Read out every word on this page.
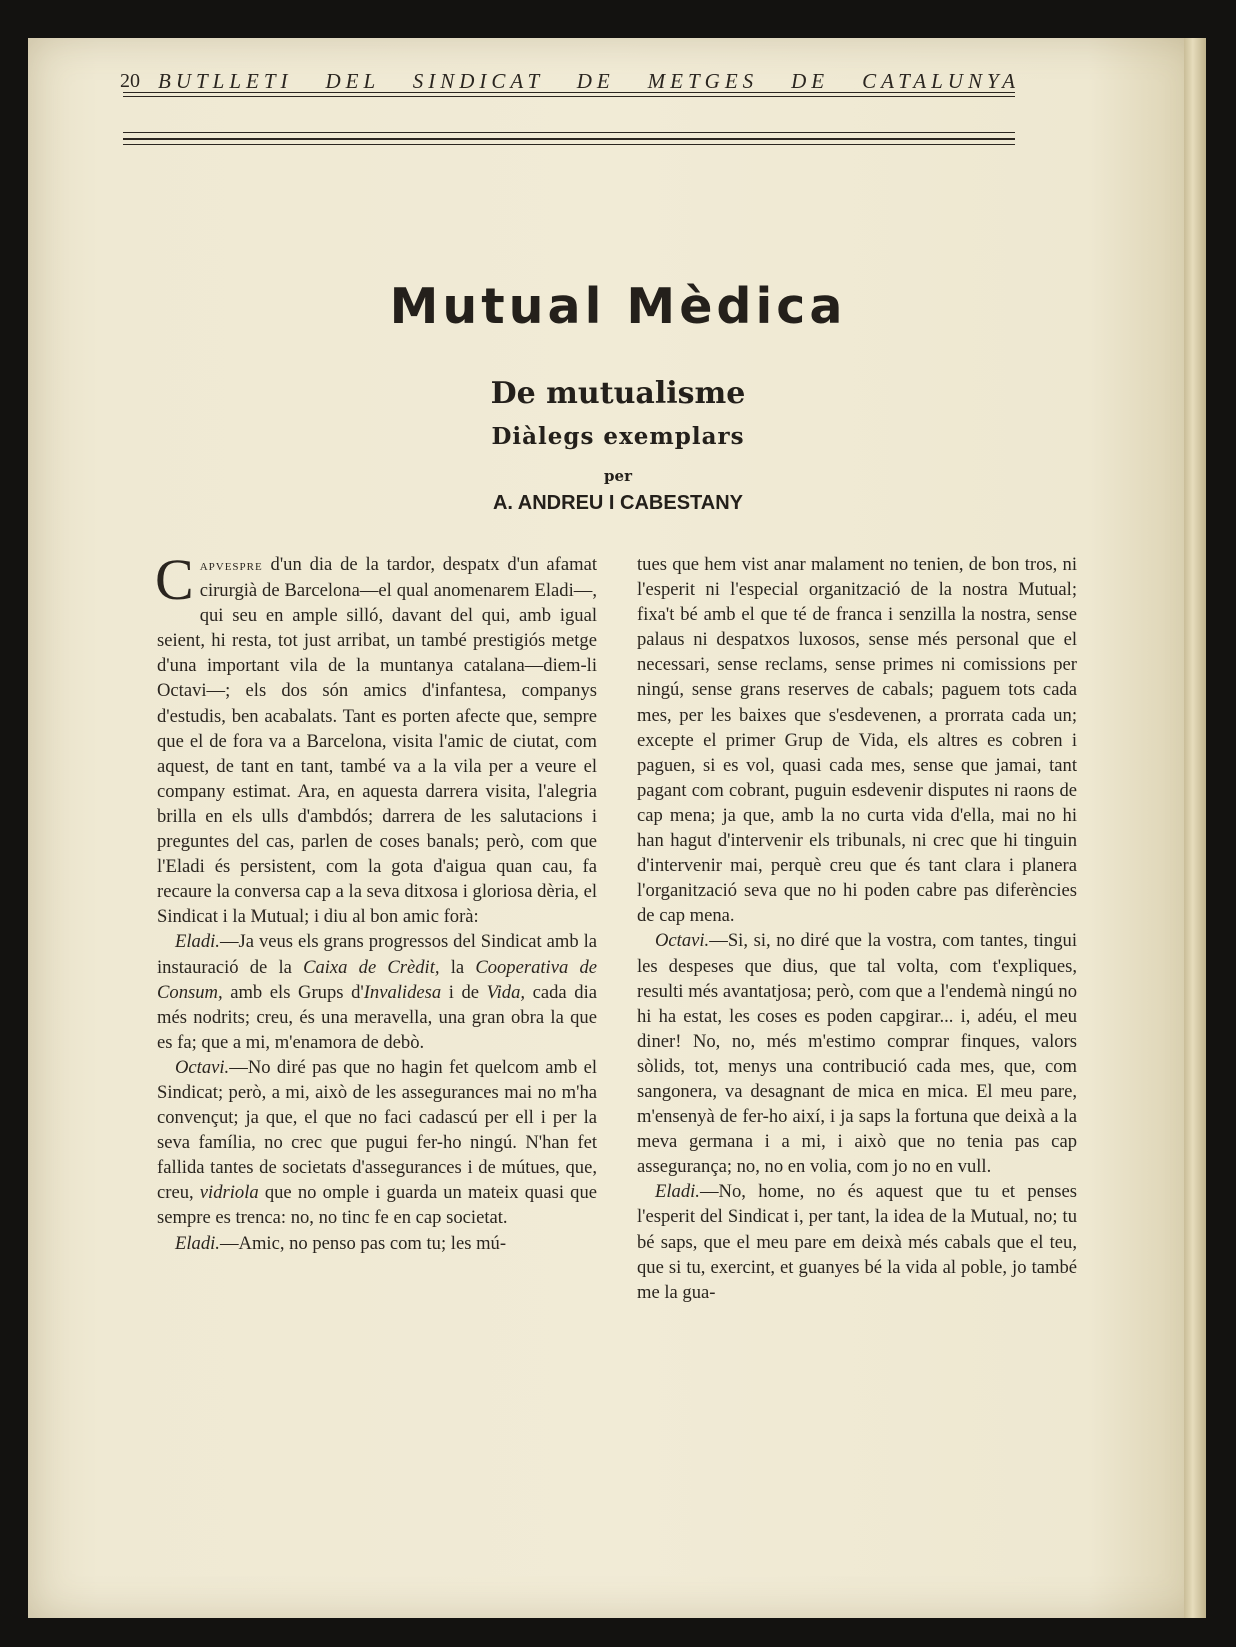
20 BUTLLETI DEL SINDICAT DE METGES DE CATALUNYA
Mutual Mèdica
De mutualisme
Diàlegs exemplars
per
A. ANDREU I CABESTANY

Capvespre d'un dia de la tardor, despatx d'un afamat cirurgià de Barcelona—el qual anomenarem Eladi—, qui seu en ample silló, davant del qui, amb igual seient, hi resta, tot just arribat, un també prestigiós metge d'una important vila de la muntanya catalana—diem-li Octavi—; els dos són amics d'infantesa, companys d'estudis, ben acabalats. Tant es porten afecte que, sempre que el de fora va a Barcelona, visita l'amic de ciutat, com aquest, de tant en tant, també va a la vila per a veure el company estimat. Ara, en aquesta darrera visita, l'alegria brilla en els ulls d'ambdós; darrera de les salutacions i preguntes del cas, parlen de coses banals; però, com que l'Eladi és persistent, com la gota d'aigua quan cau, fa recaure la conversa cap a la seva ditxosa i gloriosa dèria, el Sindicat i la Mutual; i diu al bon amic forà:

Eladi.—Ja veus els grans progressos del Sindicat amb la instauració de la Caixa de Crèdit, la Cooperativa de Consum, amb els Grups d'Invalidesa i de Vida, cada dia més nodrits; creu, és una meravella, una gran obra la que es fa; que a mi, m'enamora de debò.

Octavi.—No diré pas que no hagin fet quelcom amb el Sindicat; però, a mi, això de les assegurances mai no m'ha convençut; ja que, el que no faci cadascú per ell i per la seva família, no crec que pugui fer-ho ningú. N'han fet fallida tantes de societats d'assegurances i de mútues, que, creu, vidriola que no omple i guarda un mateix quasi que sempre es trenca: no, no tinc fe en cap societat.

Eladi.—Amic, no penso pas com tu; les mú-

tues que hem vist anar malament no tenien, de bon tros, ni l'esperit ni l'especial organització de la nostra Mutual; fixa't bé amb el que té de franca i senzilla la nostra, sense palaus ni despatxos luxosos, sense més personal que el necessari, sense reclams, sense primes ni comissions per ningú, sense grans reserves de cabals; paguem tots cada mes, per les baixes que s'esdevenen, a prorrata cada un; excepte el primer Grup de Vida, els altres es cobren i paguen, si es vol, quasi cada mes, sense que jamai, tant pagant com cobrant, puguin esdevenir disputes ni raons de cap mena; ja que, amb la no curta vida d'ella, mai no hi han hagut d'intervenir els tribunals, ni crec que hi tinguin d'intervenir mai, perquè creu que és tant clara i planera l'organització seva que no hi poden cabre pas diferències de cap mena.

Octavi.—Si, si, no diré que la vostra, com tantes, tingui les despeses que dius, que tal volta, com t'expliques, resulti més avantatjosa; però, com que a l'endemà ningú no hi ha estat, les coses es poden capgirar... i, adéu, el meu diner! No, no, més m'estimo comprar finques, valors sòlids, tot, menys una contribució cada mes, que, com sangonera, va desagnant de mica en mica. El meu pare, m'ensenyà de fer-ho així, i ja saps la fortuna que deixà a la meva germana i a mi, i això que no tenia pas cap assegurança; no, no en volia, com jo no en vull.

Eladi.—No, home, no és aquest que tu et penses l'esperit del Sindicat i, per tant, la idea de la Mutual, no; tu bé saps, que el meu pare em deixà més cabals que el teu, que si tu, exercint, et guanyes bé la vida al poble, jo també me la gua-
